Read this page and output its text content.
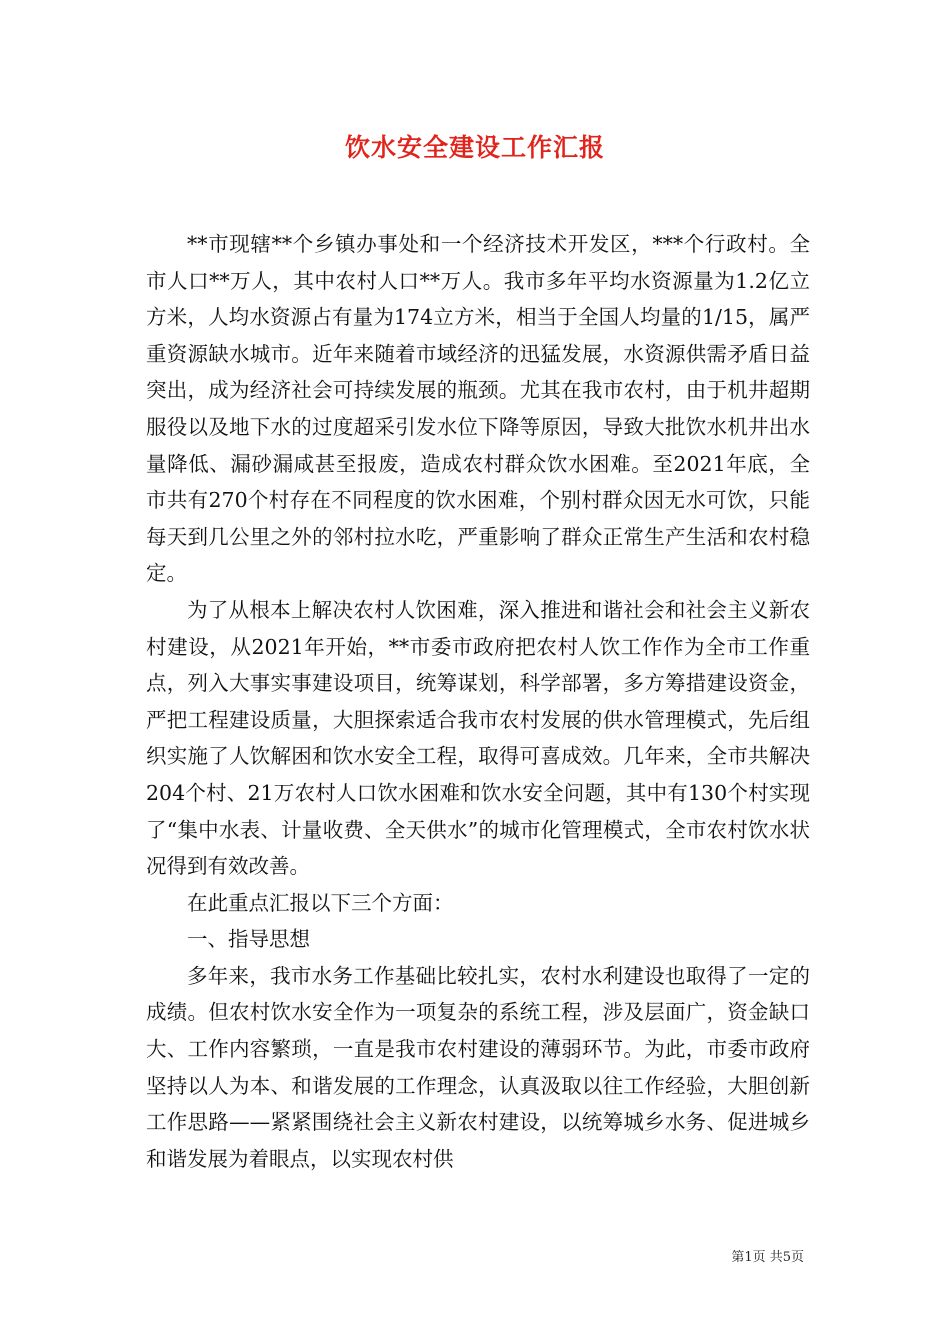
饮水安全建设工作汇报

**市现辖**个乡镇办事处和一个经济技术开发区，***个行政村。全市人口**万人，其中农村人口**万人。我市多年平均水资源量为1.2亿立方米，人均水资源占有量为174立方米，相当于全国人均量的1/15，属严重资源缺水城市。近年来随着市域经济的迅猛发展，水资源供需矛盾日益突出，成为经济社会可持续发展的瓶颈。尤其在我市农村，由于机井超期服役以及地下水的过度超采引发水位下降等原因，导致大批饮水机井出水量降低、漏砂漏咸甚至报废，造成农村群众饮水困难。至2021年底，全市共有270个村存在不同程度的饮水困难，个别村群众因无水可饮，只能每天到几公里之外的邻村拉水吃，严重影响了群众正常生产生活和农村稳定。

为了从根本上解决农村人饮困难，深入推进和谐社会和社会主义新农村建设，从2021年开始，**市委市政府把农村人饮工作作为全市工作重点，列入大事实事建设项目，统筹谋划，科学部署，多方筹措建设资金，严把工程建设质量，大胆探索适合我市农村发展的供水管理模式，先后组织实施了人饮解困和饮水安全工程，取得可喜成效。几年来，全市共解决204个村、21万农村人口饮水困难和饮水安全问题，其中有130个村实现了“集中水表、计量收费、全天供水”的城市化管理模式，全市农村饮水状况得到有效改善。

在此重点汇报以下三个方面：

一、指导思想

多年来，我市水务工作基础比较扎实，农村水利建设也取得了一定的成绩。但农村饮水安全作为一项复杂的系统工程，涉及层面广，资金缺口大、工作内容繁琐，一直是我市农村建设的薄弱环节。为此，市委市政府坚持以人为本、和谐发展的工作理念，认真汲取以往工作经验，大胆创新工作思路——紧紧围绕社会主义新农村建设，以统筹城乡水务、促进城乡和谐发展为着眼点，以实现农村供

第1页 共5页
